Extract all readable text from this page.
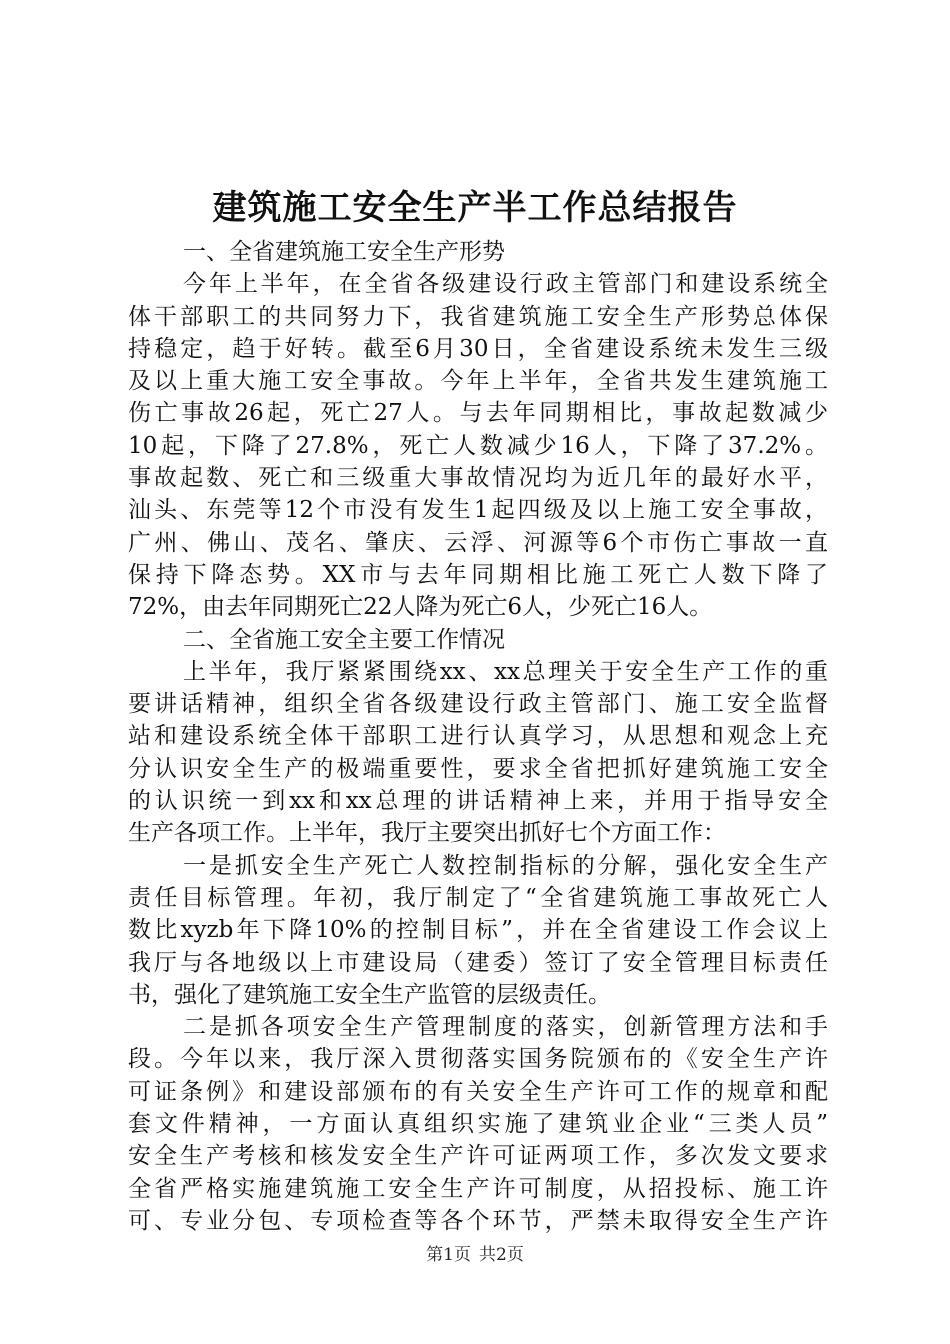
建筑施工安全生产半工作总结报告
一、全省建筑施工安全生产形势
今年上半年，在全省各级建设行政主管部门和建设系统全
体干部职工的共同努力下，我省建筑施工安全生产形势总体保
持稳定，趋于好转。截至6月30日，全省建设系统未发生三级
及以上重大施工安全事故。今年上半年，全省共发生建筑施工
伤亡事故26起，死亡27人。与去年同期相比，事故起数减少
10起，下降了27.8%，死亡人数减少16人，下降了37.2%。
事故起数、死亡和三级重大事故情况均为近几年的最好水平，
汕头、东莞等12个市没有发生1起四级及以上施工安全事故，
广州、佛山、茂名、肇庆、云浮、河源等6个市伤亡事故一直
保持下降态势。XX市与去年同期相比施工死亡人数下降了
72%，由去年同期死亡22人降为死亡6人，少死亡16人。
二、全省施工安全主要工作情况
上半年，我厅紧紧围绕xx、xx总理关于安全生产工作的重
要讲话精神，组织全省各级建设行政主管部门、施工安全监督
站和建设系统全体干部职工进行认真学习，从思想和观念上充
分认识安全生产的极端重要性，要求全省把抓好建筑施工安全
的认识统一到xx和xx总理的讲话精神上来，并用于指导安全
生产各项工作。上半年，我厅主要突出抓好七个方面工作：
一是抓安全生产死亡人数控制指标的分解，强化安全生产
责任目标管理。年初，我厅制定了“全省建筑施工事故死亡人
数比xyzb年下降10%的控制目标”，并在全省建设工作会议上
我厅与各地级以上市建设局（建委）签订了安全管理目标责任
书，强化了建筑施工安全生产监管的层级责任。
二是抓各项安全生产管理制度的落实，创新管理方法和手
段。今年以来，我厅深入贯彻落实国务院颁布的《安全生产许
可证条例》和建设部颁布的有关安全生产许可工作的规章和配
套文件精神，一方面认真组织实施了建筑业企业“三类人员”
安全生产考核和核发安全生产许可证两项工作，多次发文要求
全省严格实施建筑施工安全生产许可制度，从招投标、施工许
可、专业分包、专项检查等各个环节，严禁未取得安全生产许
第1页 共2页
